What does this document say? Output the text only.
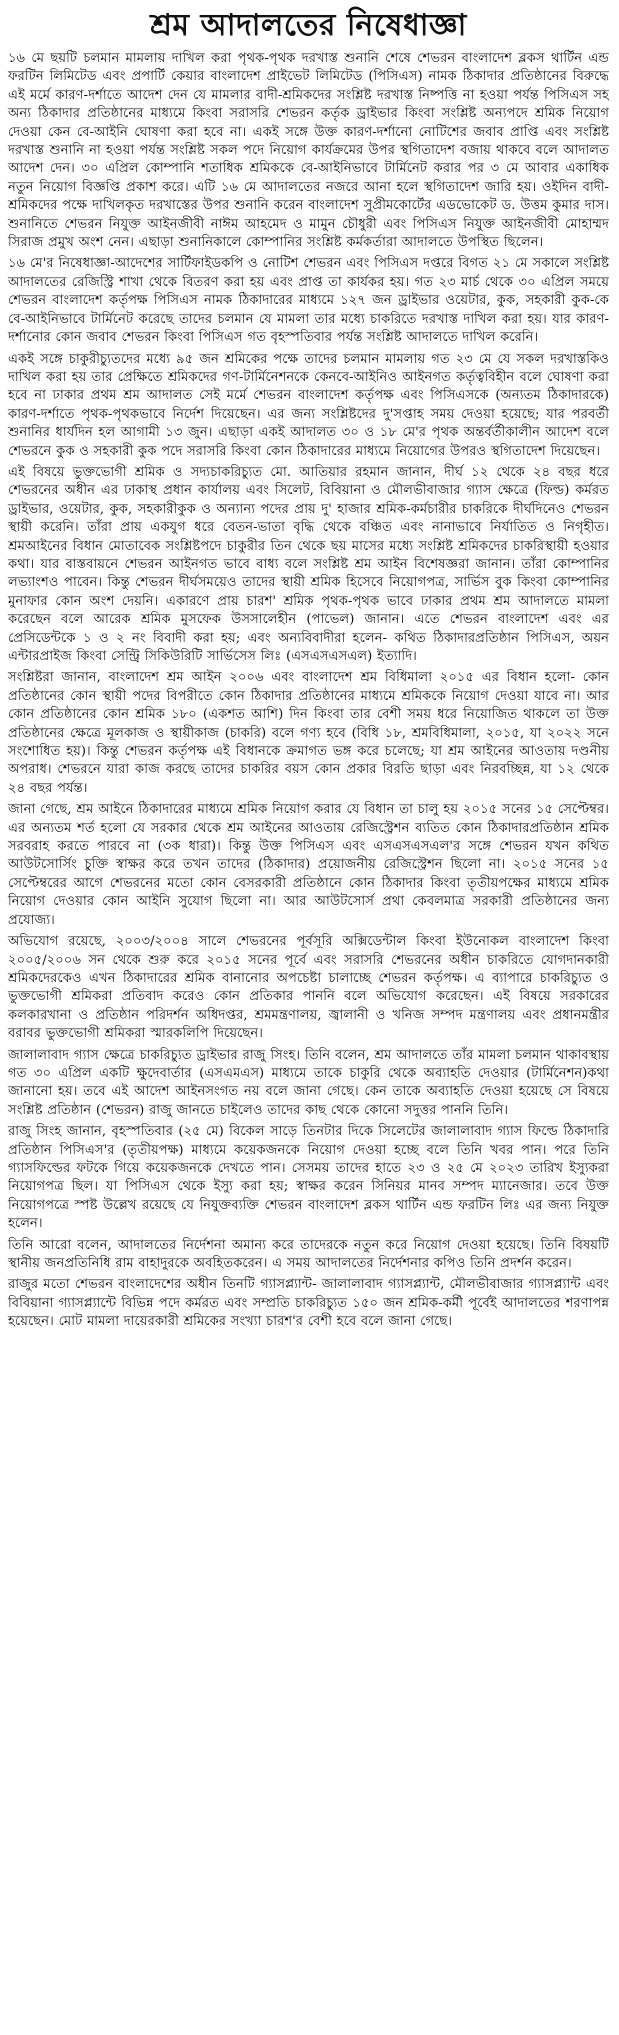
শ্রম আদালতের নিষেধাজ্ঞা

১৬ মে ছয়টি চলমান মামলায় দাখিল করা পৃথক-পৃথক দরখাস্ত শুনানি শেষে শেভরন বাংলাদেশ ব্লকস থার্টিন এন্ড ফরটিন লিমিটেড এবং প্রপার্টি কেয়ার বাংলাদেশ প্রাইভেট লিমিটেড (পিসিএস) নামক ঠিকাদার প্রতিষ্ঠানের বিরুদ্ধে এই মর্মে কারণ-দর্শাতে আদেশ দেন যে মামলার বাদী-শ্রমিকদের সংশ্লিষ্ট দরখাস্ত নিষ্পত্তি না হওয়া পর্যন্ত পিসিএস সহ অন্য ঠিকাদার প্রতিষ্ঠানের মাধ্যমে কিংবা সরাসরি শেভরন কর্তৃক ড্রাইভার কিংবা সংশ্লিষ্ট অন্যপদে শ্রমিক নিয়োগ দেওয়া কেন বে-আইনি ঘোষণা করা হবে না। একই সঙ্গে উক্ত কারণ-দর্শানো নোটিশের জবাব প্রাপ্তি এবং সংশ্লিষ্ট দরখাস্ত শুনানি না হওয়া পর্যন্ত সংশ্লিষ্ট সকল পদে নিয়োগ কার্যক্রমের উপর স্থগিতাদেশ বজায় থাকবে বলে আদালত আদেশ দেন। ৩০ এপ্রিল কোম্পানি শতাধিক শ্রমিককে বে-আইনিভাবে টার্মিনেট করার পর ৩ মে আবার একাধিক নতুন নিয়োগ বিজ্ঞপ্তি প্রকাশ করে। এটি ১৬ মে আদালতের নজরে আনা হলে স্থগিতাদেশ জারি হয়। ওইদিন বাদী-শ্রমিকদের পক্ষে দাখিলকৃত দরখাস্তের উপর শুনানি করেন বাংলাদেশ সুপ্রীমকোর্টের এডভোকেট ড. উত্তম কুমার দাস। শুনানিতে শেভরন নিযুক্ত আইনজীবী নাঈম আহমেদ ও মামুন চৌধুরী এবং পিসিএস নিযুক্ত আইনজীবী মোহাম্মদ সিরাজ প্রমুখ অংশ নেন। এছাড়া শুনানিকালে কোম্পানির সংশ্লিষ্ট কর্মকর্তারা আদালতে উপস্থিত ছিলেন।

১৬ মে'র নিষেধাজ্ঞা-আদেশের সার্টিফাইডকপি ও নোটিশ শেভরন এবং পিসিএস দপ্তরে বিগত ২১ মে সকালে সংশ্লিষ্ট আদালতের রেজিস্ট্রি শাখা থেকে বিতরণ করা হয় এবং প্রাপ্ত তা কার্যকর হয়। গত ২৩ মার্চ থেকে ৩০ এপ্রিল সময়ে শেভরন বাংলাদেশ কর্তৃপক্ষ পিসিএস নামক ঠিকাদারের মাধ্যমে ১২৭ জন ড্রাইভার ওয়েটার, কুক, সহকারী কুক-কে বে-আইনিভাবে টার্মিনেট করেছে তাদের চলমান যে মামলা তার মধ্যে চাকরিতে দরখাস্ত দাখিল করা হয়। যার কারণ-দর্শানোর কোন জবাব শেভরন কিংবা পিসিএস গত বৃহস্পতিবার পর্যন্ত সংশ্লিষ্ট আদালতে দাখিল করেনি।

একই সঙ্গে চাকুরীচ্যুতদের মধ্যে ৯৫ জন শ্রমিকের পক্ষে তাদের চলমান মামলায় গত ২৩ মে যে সকল দরখাস্তকিও দাখিল করা হয় তার প্রেক্ষিতে শ্রমিকদের গণ-টার্মিনেশনকে কেনবে-আইনিও আইনগত কর্তৃত্ববিহীন বলে ঘোষণা করা হবে না ঢাকার প্রথম শ্রম আদালত সেই মর্মে শেভরন বাংলাদেশ কর্তৃপক্ষ এবং পিসিএসকে (অন্যতম ঠিকাদারকে) কারণ-দর্শাতে পৃথক-পৃথকভাবে নির্দেশ দিয়েছেন। এর জন্য সংশ্লিষ্টদের দু'সপ্তাহ সময় দেওয়া হয়েছে; যার পরবর্তী শুনানির ধার্যদিন হল আগামী ১৩ জুন। এছাড়া একই আদালত ৩০ ও ১৮ মে'র পৃথক অন্তর্বর্তীকালীন আদেশ বলে শেভরনে কুক ও সহকারী কুক পদে সরাসরি কিংবা কোন ঠিকাদারের মাধ্যমে নিয়োগের উপরও স্থগিতাদেশ দিয়েছেন।

এই বিষয়ে ভুক্তভোগী শ্রমিক ও সদ্যচাকরিচ্যুত মো. আতিয়ার রহমান জানান, দীর্ঘ ১২ থেকে ২৪ বছর ধরে শেভরনের অধীন এর ঢাকাস্থ প্রধান কার্যালয় এবং সিলেট, বিবিয়ানা ও মৌলভীবাজার গ্যাস ক্ষেত্রে (ফিল্ড) কর্মরত ড্রাইভার, ওয়েটার, কুক, সহকারীকুক ও অন্যান্য পদের প্রায় দু' হাজার শ্রমিক-কর্মচারীর চাকরিকে দীর্ঘদিনেও শেভরন স্থায়ী করেনি। তাঁরা প্রায় একযুগ ধরে বেতন-ভাতা বৃদ্ধি থেকে বঞ্চিত এবং নানাভাবে নির্যাতিত ও নিগৃহীত। শ্রমআইনের বিধান মোতাবেক সংশ্লিষ্টপদে চাকুরীর তিন থেকে ছয় মাসের মধ্যে সংশ্লিষ্ট শ্রমিকদের চাকরিস্থায়ী হওয়ার কথা। যার বাস্তবায়নে শেভরন আইনগত ভাবে বাধ্য বলে সংশ্লিষ্ট শ্রম আইন বিশেষজ্ঞরা জানান। তাঁরা কোম্পানির লভ্যাংশও পাবেন। কিন্তু শেভরন দীর্ঘসময়েও তাদের স্থায়ী শ্রমিক হিসেবে নিয়োগপত্র, সার্ভিস বুক কিংবা কোম্পানির মুনাফার কোন অংশ দেয়নি। একারণে প্রায় চারশ' শ্রমিক পৃথক-পৃথক ভাবে ঢাকার প্রথম শ্রম আদালতে মামলা করেছেন বলে আরেক শ্রমিক মুসফেক উসসালেহীন (পাভেল) জানান। এতে শেভরন বাংলাদেশ এবং এর প্রেসিডেন্টকে ১ ও ২ নং বিবাদী করা হয়; এবং অন্যবিবাদীরা হলেন- কথিত ঠিকাদারপ্রতিষ্ঠান পিসিএস, অয়ন এন্টারপ্রাইজ কিংবা সেন্ট্রি সিকিউরিটি সার্ভিসেস লিঃ (এসএসএসএল) ইত্যাদি।

সংশ্লিষ্টরা জানান, বাংলাদেশ শ্রম আইন ২০০৬ এবং বাংলাদেশ শ্রম বিধিমালা ২০১৫ এর বিধান হলো- কোন প্রতিষ্ঠানের কোন স্থায়ী পদের বিপরীতে কোন ঠিকাদার প্রতিষ্ঠানের মাধ্যমে শ্রমিককে নিয়োগ দেওয়া যাবে না। আর কোন প্রতিষ্ঠানের কোন শ্রমিক ১৮০ (একশত আশি) দিন কিংবা তার বেশী সময় ধরে নিয়োজিত থাকলে তা উক্ত প্রতিষ্ঠানের ক্ষেত্রে মূলকাজ ও স্থায়ীকাজ (চাকরি) বলে গণ্য হবে (বিধি ১৮, শ্রমবিধিমালা, ২০১৫, যা ২০২২ সনে সংশোধিত হয়)। কিন্তু শেভরন কর্তৃপক্ষ এই বিধানকে ক্রমাগত ভঙ্গ করে চলেছে; যা শ্রম আইনের আওতায় দণ্ডনীয় অপরাধ। শেভরনে যারা কাজ করছে তাদের চাকরির বয়স কোন প্রকার বিরতি ছাড়া এবং নিরবচ্ছিন্ন, যা ১২ থেকে ২৪ বছর পর্যন্ত।

জানা গেছে, শ্রম আইনে ঠিকাদারের মাধ্যমে শ্রমিক নিয়োগ করার যে বিধান তা চালু হয় ২০১৫ সনের ১৫ সেপ্টেম্বর। এর অন্যতম শর্ত হলো যে সরকার থেকে শ্রম আইনের আওতায় রেজিস্ট্রেশন ব্যতিত কোন ঠিকাদারপ্রতিষ্ঠান শ্রমিক সরবরাহ করতে পারবে না (৩ক ধারা)। কিন্তু উক্ত পিসিএস এবং এসএসএসএল'র সঙ্গে শেভরন যখন কথিত আউটসোর্সিং চুক্তি স্বাক্ষর করে তখন তাদের (ঠিকাদার) প্রয়োজনীয় রেজিস্ট্রেশন ছিলো না। ২০১৫ সনের ১৫ সেপ্টেম্বরের আগে শেভরনের মতো কোন বেসরকারী প্রতিষ্ঠানে কোন ঠিকাদার কিংবা তৃতীয়পক্ষের মাধ্যমে শ্রমিক নিয়োগ দেওয়ার কোন আইনি সুযোগ ছিলো না। আর আউটসোর্স প্রথা কেবলমাত্র সরকারী প্রতিষ্ঠানের জন্য প্রযোজ্য।

অভিযোগ রয়েছে, ২০০৩/২০০৪ সালে শেভরনের পূর্বসূরি অক্সিডেন্টাল কিংবা ইউনোকল বাংলাদেশ কিংবা ২০০৫/২০০৬ সন থেকে শুরু করে ২০১৫ সনের পূর্বে এবং সরাসরি শেভরনের অধীন চাকরিতে যোগদানকারী শ্রমিকদেরকেও এখন ঠিকাদারের শ্রমিক বানানোর অপচেষ্টা চালাচ্ছে শেভরন কর্তৃপক্ষ। এ ব্যাপারে চাকরিচ্যুত ও ভুক্তভোগী শ্রমিকরা প্রতিবাদ করেও কোন প্রতিকার পাননি বলে অভিযোগ করেছেন। এই বিষয়ে সরকারের কলকারখানা ও প্রতিষ্ঠান পরিদর্শন অধিদপ্তর, শ্রমমন্ত্রণালয়, জ্বালানী ও খনিজ সম্পদ মন্ত্রণালয় এবং প্রধানমন্ত্রীর বরাবর ভুক্তভোগী শ্রমিকরা স্মারকলিপি দিয়েছেন।

জালালাবাদ গ্যাস ক্ষেত্রে চাকরিচ্যুত ড্রাইভার রাজু সিংহ। তিনি বলেন, শ্রম আদালতে তাঁর মামলা চলমান থাকাবস্থায় গত ৩০ এপ্রিল একটি ক্ষুদেবার্তার (এসএমএস) মাধ্যমে তাকে চাকুরি থেকে অব্যাহতি দেওয়ার (টার্মিনেশন)কথা জানানো হয়। তবে এই আদেশ আইনসংগত নয় বলে জানা গেছে। কেন তাকে অব্যাহতি দেওয়া হয়েছে সে বিষয়ে সংশ্লিষ্ট প্রতিষ্ঠান (শেভরন) রাজু জানতে চাইলেও তাদের কাছ থেকে কোনো সদুত্তর পাননি তিনি।

রাজু সিংহ জানান, বৃহস্পতিবার (২৫ মে) বিকেল সাড়ে তিনটার দিকে সিলেটের জালালাবাদ গ্যাস ফিল্ডে ঠিকাদারি প্রতিষ্ঠান পিসিএস'র (তৃতীয়পক্ষ) মাধ্যমে কয়েকজনকে নিয়োগ দেওয়া হচ্ছে বলে তিনি খবর পান। পরে তিনি গ্যাসফিল্ডের ফটকে গিয়ে কয়েকজনকে দেখতে পান। সেসময় তাদের হাতে ২৩ ও ২৫ মে ২০২৩ তারিখ ইস্যুকরা নিয়োগপত্র ছিল। যা পিসিএস থেকে ইস্যু করা হয়; স্বাক্ষর করেন সিনিয়র মানব সম্পদ ম্যানেজার। তবে উক্ত নিয়োগপত্রে স্পষ্ট উল্লেখ রয়েছে যে নিযুক্তব্যক্তি শেভরন বাংলাদেশ ব্লকস থার্টিন এন্ড ফরটিন লিঃ এর জন্য নিযুক্ত হলেন।

তিনি আরো বলেন, আদালতের নির্দেশনা অমান্য করে তাদেরকে নতুন করে নিয়োগ দেওয়া হয়েছে। তিনি বিষয়টি স্থানীয় জনপ্রতিনিধি রাম বাহাদুরকে অবহিতকরেন। এ সময় আদালতের নির্দেশনার কপিও তিনি প্রদর্শন করেন।

রাজুর মতো শেভরন বাংলাদেশের অধীন তিনটি গ্যাসপ্ল্যান্ট- জালালাবাদ গ্যাসপ্ল্যান্ট, মৌলভীবাজার গ্যাসপ্ল্যান্ট এবং বিবিয়ানা গ্যাসপ্ল্যান্টে বিভিন্ন পদে কর্মরত এবং সম্প্রতি চাকরিচ্যুত ১৫০ জন শ্রমিক-কর্মী পূর্বেই আদালতের শরণাপন্ন হয়েছেন। মোট মামলা দায়েরকারী শ্রমিকের সংখ্যা চারশ'র বেশী হবে বলে জানা গেছে।
